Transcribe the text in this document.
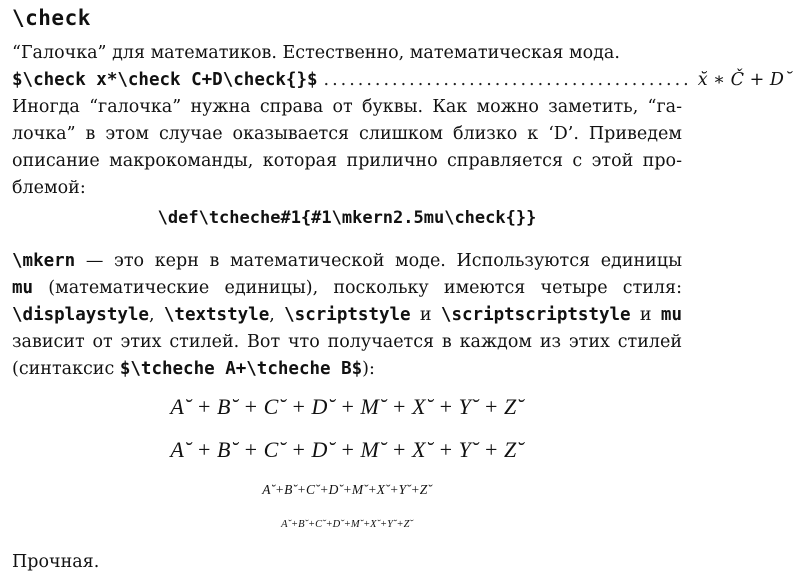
\check
“Галочка” для математиков. Естественно, математическая мода.
$\check x*\check C+D\check{}$ ........................................... x̆ ∗ Č + D˘
Иногда “галочка” нужна справа от буквы. Как можно заметить, “га-
лочка” в этом случае оказывается слишком близко к ‘D’. Приведем
описание макрокоманды, которая прилично справляется с этой про-
блемой:
\def\tcheche#1{#1\mkern2.5mu\check{}}
\mkern — это керн в математической моде. Используются единицы
mu (математические единицы), поскольку имеются четыре стиля:
\displaystyle, \textstyle, \scriptstyle и \scriptscriptstyle и mu
зависит от этих стилей. Вот что получается в каждом из этих стилей
(синтаксис $\tcheche A+\tcheche B$):
A˘ + B˘ + C˘ + D˘ + M˘ + X˘ + Y˘ + Z˘
A˘ + B˘ + C˘ + D˘ + M˘ + X˘ + Y˘ + Z˘
A˘+B˘+C˘+D˘+M˘+X˘+Y˘+Z˘
A˘+B˘+C˘+D˘+M˘+X˘+Y˘+Z˘
Прочная.
